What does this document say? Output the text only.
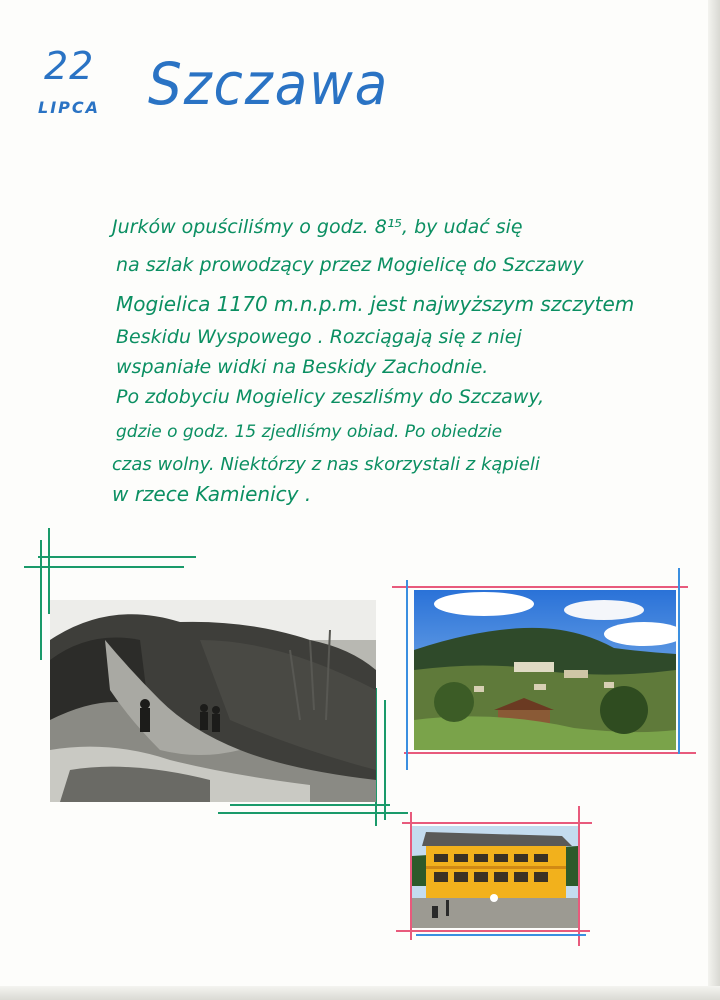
22
LIPCA Szczawa
Jurków opuściliśmy o godz. 8¹⁵, by udać się
na szlak prowodzący przez Mogielicę do Szczawy
Mogielica 1170 m.n.p.m. jest najwyższym szczytem
Beskidu Wyspowego . Rozciągają się z niej
wspaniałe widki na Beskidy Zachodnie.
Po zdobyciu Mogielicy zeszliśmy do Szczawy,
gdzie o godz. 15 zjedliśmy obiad. Po obiedzie
czas wolny. Niektórzy z nas skorzystali z kąpieli
w rzece Kamienicy .
